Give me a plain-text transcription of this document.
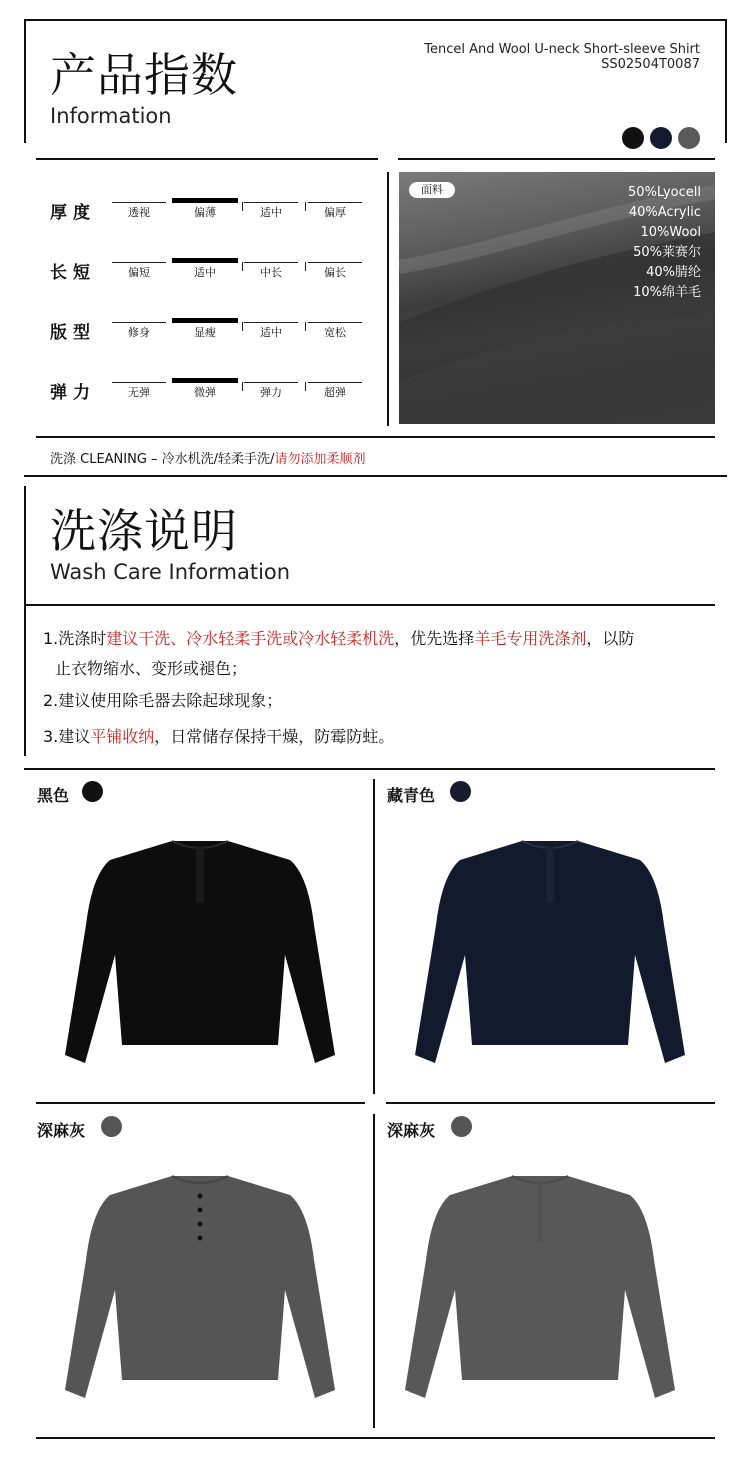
产品指数
Information
Tencel And Wool U-neck Short-sleeve Shirt
SS02504T0087
厚度	透视	偏薄	适中	偏厚
长短	偏短	适中	中长	偏长
版型	修身	显瘦	适中	宽松
弹力	无弹	微弹	弹力	超弹
面料	50%Lyocell
40%Acrylic
10%Wool
50%莱赛尔
40%腈纶
10%绵羊毛
洗涤 CLEANING – 冷水机洗/轻柔手洗/请勿添加柔顺剂
洗涤说明
Wash Care Information
1.洗涤时建议干洗、冷水轻柔手洗或冷水轻柔机洗，优先选择羊毛专用洗涤剂，以防
止衣物缩水、变形或褪色；
2.建议使用除毛器去除起球现象；
3.建议平铺收纳，日常储存保持干燥，防霉防蛀。
黑色	藏青色
深麻灰	深麻灰
